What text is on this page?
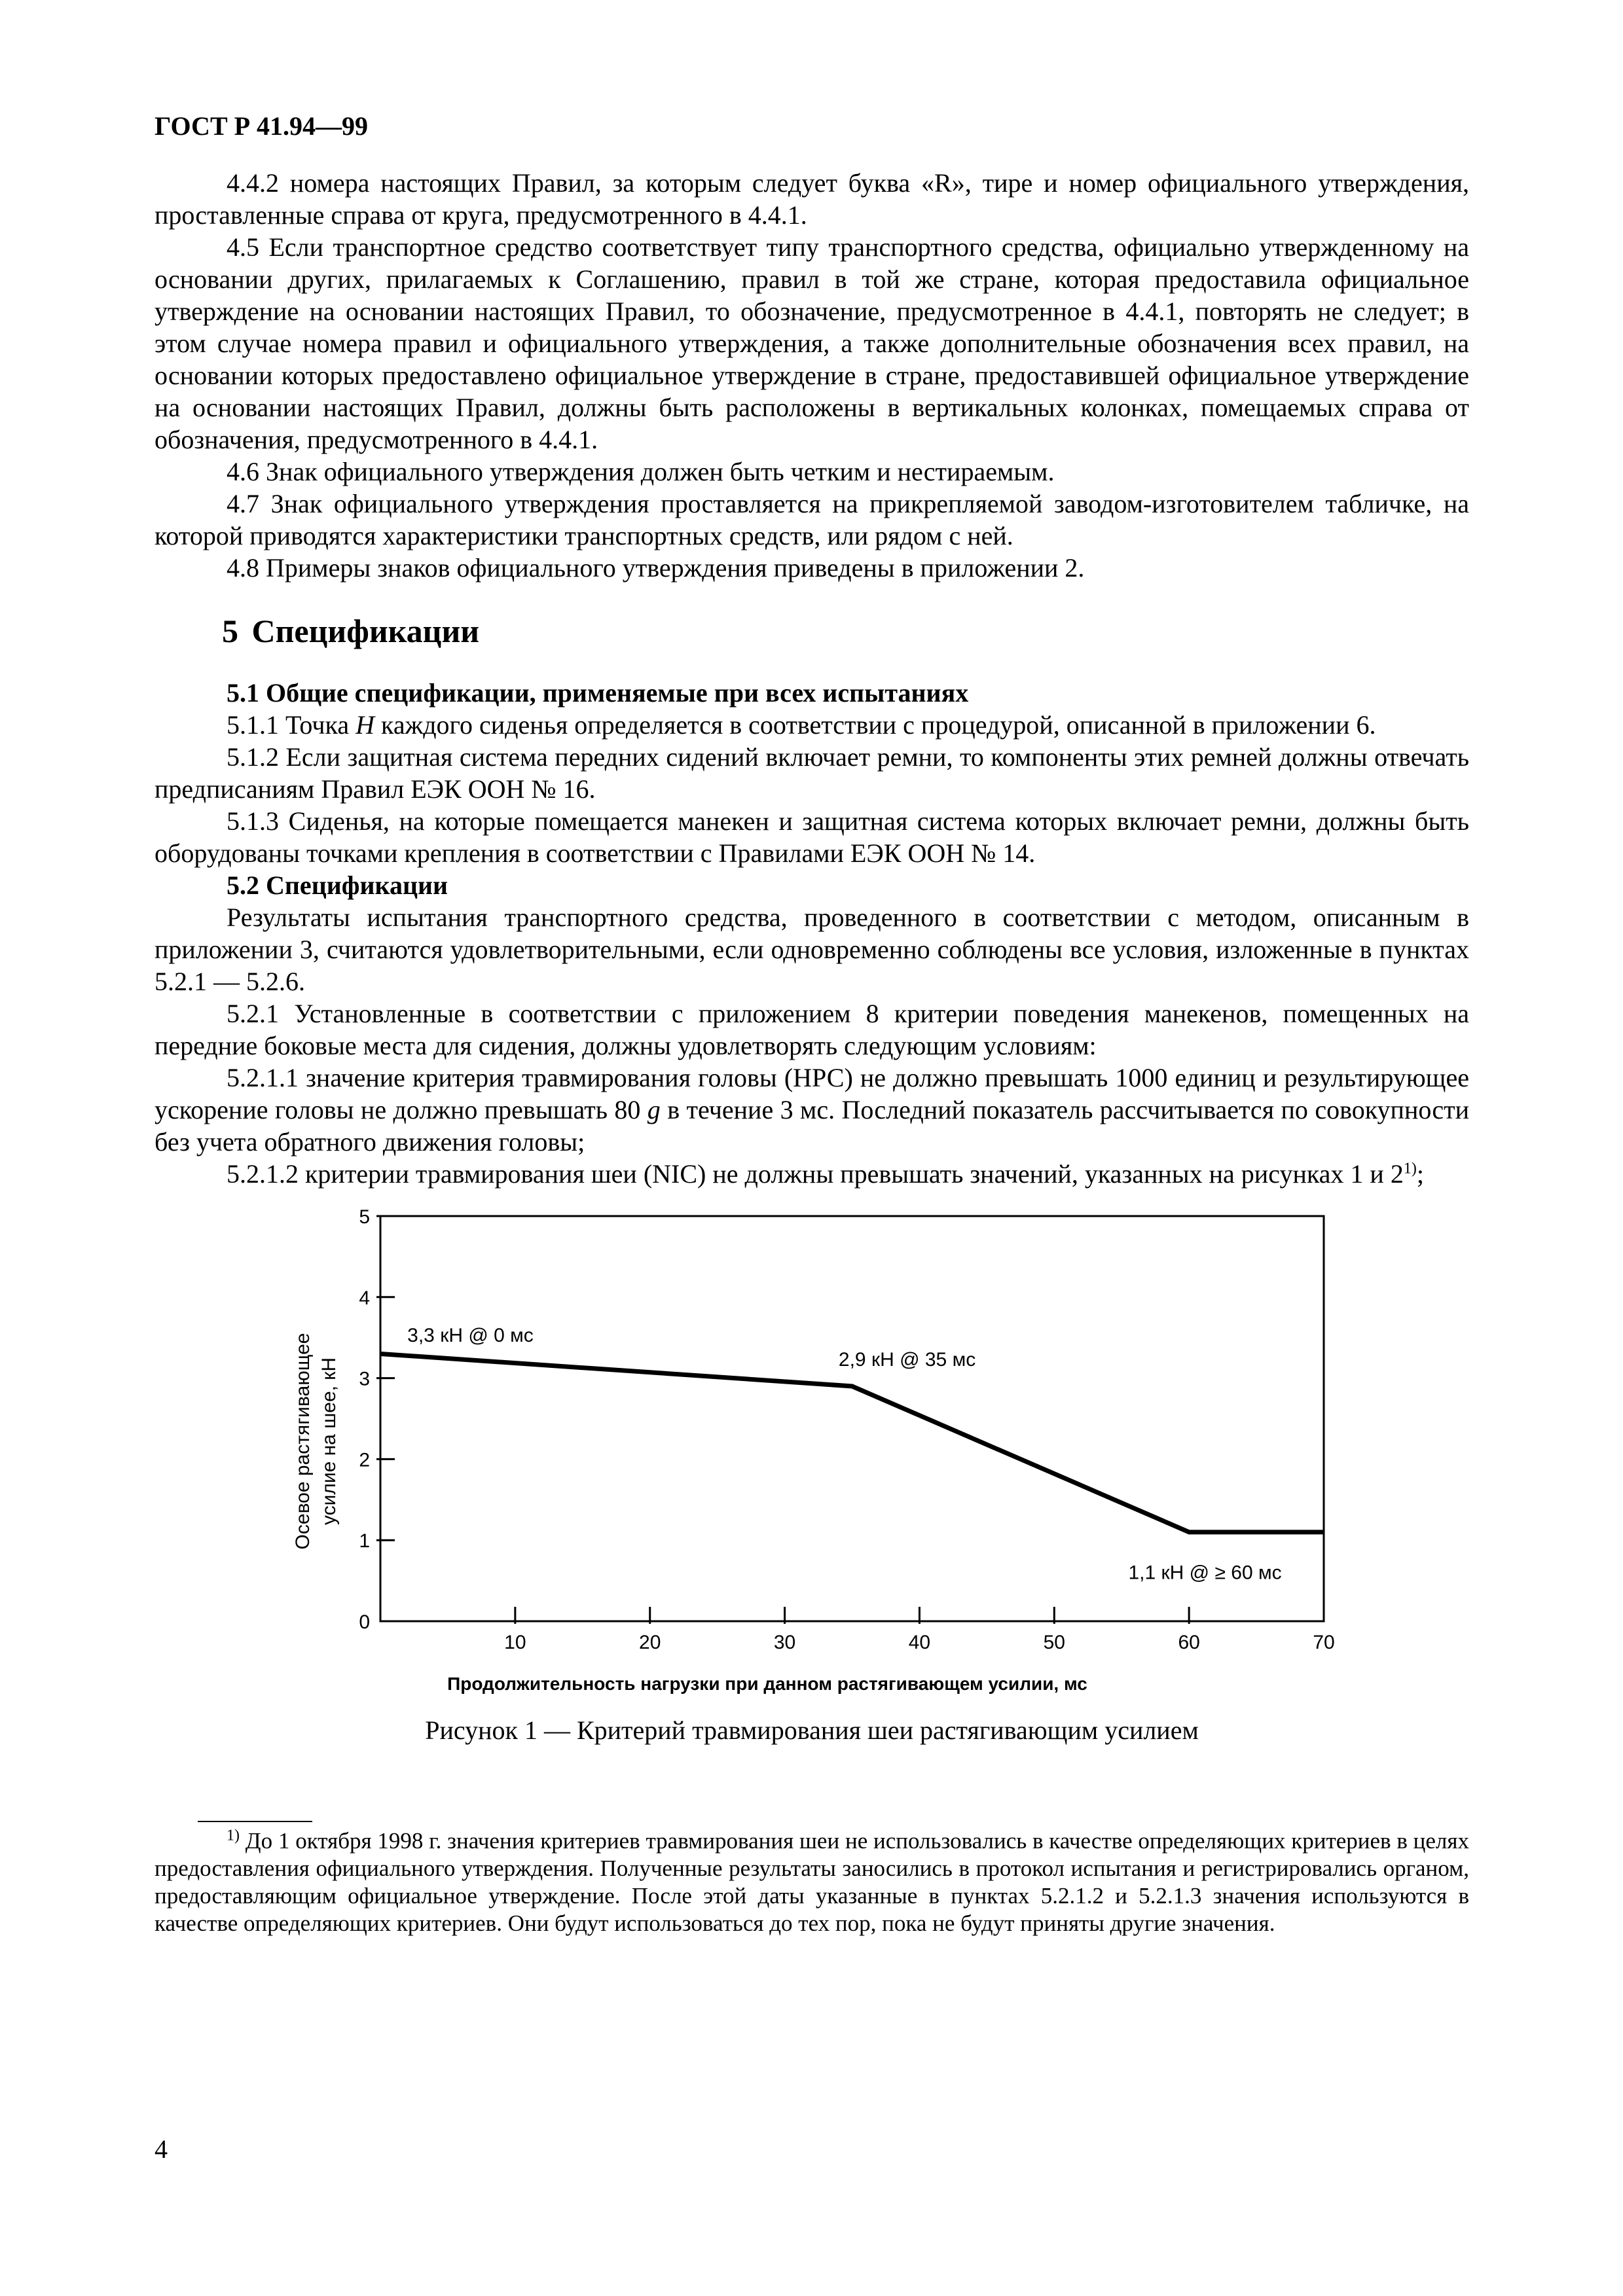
ГОСТ Р 41.94—99

4.4.2 номера настоящих Правил, за которым следует буква «R», тире и номер официального утверждения, проставленные справа от круга, предусмотренного в 4.4.1.

4.5 Если транспортное средство соответствует типу транспортного средства, официально утвержденному на основании других, прилагаемых к Соглашению, правил в той же стране, которая предоставила официальное утверждение на основании настоящих Правил, то обозначение, предусмотренное в 4.4.1, повторять не следует; в этом случае номера правил и официального утверждения, а также дополнительные обозначения всех правил, на основании которых предоставлено официальное утверждение в стране, предоставившей официальное утверждение на основании настоящих Правил, должны быть расположены в вертикальных колонках, помещаемых справа от обозначения, предусмотренного в 4.4.1.

4.6 Знак официального утверждения должен быть четким и нестираемым.

4.7 Знак официального утверждения проставляется на прикрепляемой заводом-изготовителем табличке, на которой приводятся характеристики транспортных средств, или рядом с ней.

4.8 Примеры знаков официального утверждения приведены в приложении 2.

5 Спецификации

5.1 Общие спецификации, применяемые при всех испытаниях

5.1.1 Точка Н каждого сиденья определяется в соответствии с процедурой, описанной в приложении 6.

5.1.2 Если защитная система передних сидений включает ремни, то компоненты этих ремней должны отвечать предписаниям Правил ЕЭК ООН № 16.

5.1.3 Сиденья, на которые помещается манекен и защитная система которых включает ремни, должны быть оборудованы точками крепления в соответствии с Правилами ЕЭК ООН № 14.

5.2 Спецификации

Результаты испытания транспортного средства, проведенного в соответствии с методом, описанным в приложении 3, считаются удовлетворительными, если одновременно соблюдены все условия, изложенные в пунктах 5.2.1 — 5.2.6.

5.2.1 Установленные в соответствии с приложением 8 критерии поведения манекенов, помещенных на передние боковые места для сидения, должны удовлетворять следующим условиям:

5.2.1.1 значение критерия травмирования головы (НРС) не должно превышать 1000 единиц и результирующее ускорение головы не должно превышать 80 g в течение 3 мс. Последний показатель рассчитывается по совокупности без учета обратного движения головы;

5.2.1.2 критерии травмирования шеи (NIC) не должны превышать значений, указанных на рисунках 1 и 2$^{1)}$;

Осевое растягивающее усилие на шее, кН
Продолжительность нагрузки при данном растягивающем усилии, мс
0
1
2
3
4
5
10	20	30	40	50	60	70
3,3 кН @ 0 мс
2,9 кН @ 35 мс
1,1 кН @ ≥ 60 мс
Рисунок 1 — Критерий травмирования шеи растягивающим усилием

$^{1)}$ До 1 октября 1998 г. значения критериев травмирования шеи не использовались в качестве определяющих критериев в целях предоставления официального утверждения. Полученные результаты заносились в протокол испытания и регистрировались органом, предоставляющим официальное утверждение. После этой даты указанные в пунктах 5.2.1.2 и 5.2.1.3 значения используются в качестве определяющих критериев. Они будут использоваться до тех пор, пока не будут приняты другие значения.

4
